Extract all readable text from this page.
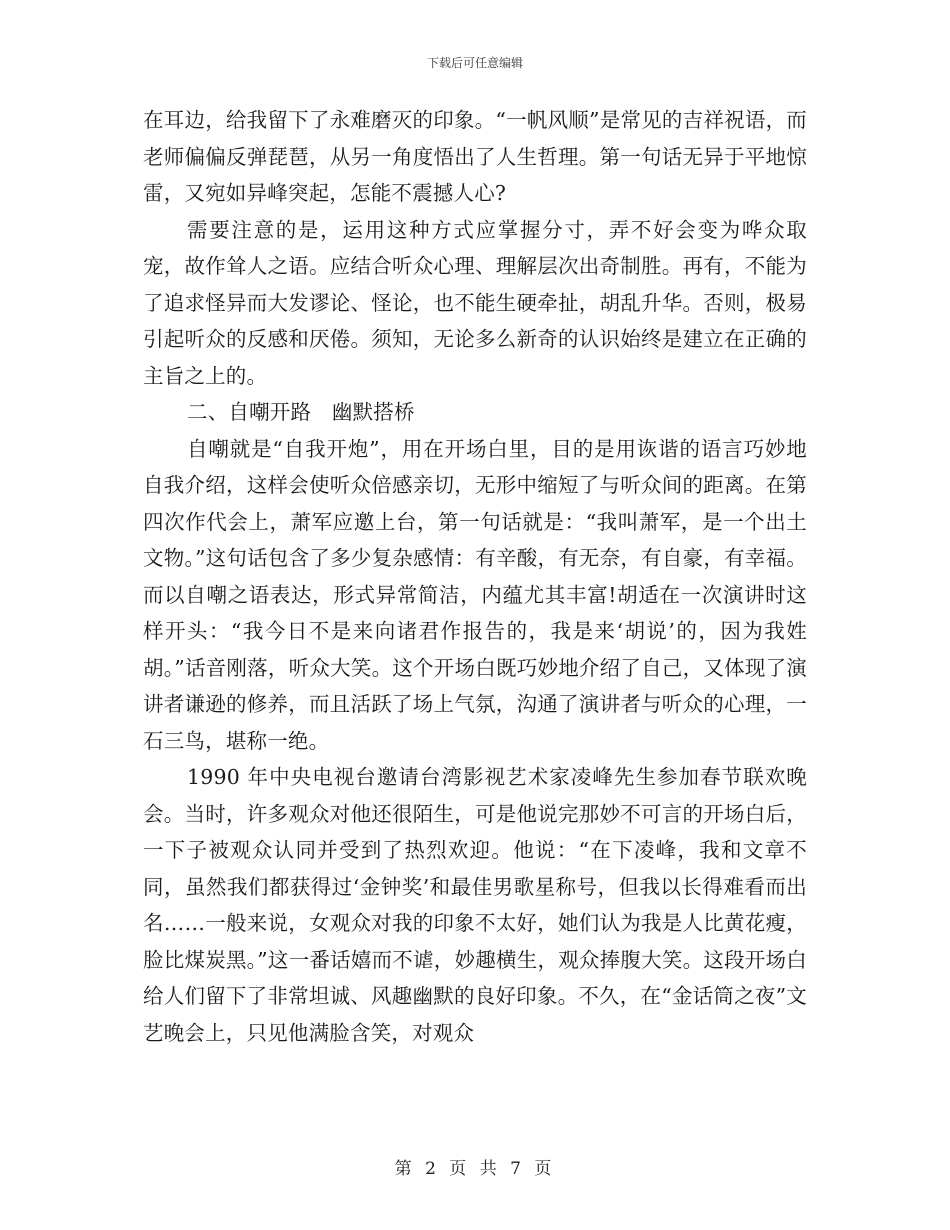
下载后可任意编辑

在耳边，给我留下了永难磨灭的印象。“一帆风顺”是常见的吉祥祝语，而老师偏偏反弹琵琶，从另一角度悟出了人生哲理。第一句话无异于平地惊雷，又宛如异峰突起，怎能不震撼人心?

需要注意的是，运用这种方式应掌握分寸，弄不好会变为哗众取宠，故作耸人之语。应结合听众心理、理解层次出奇制胜。再有，不能为了追求怪异而大发谬论、怪论，也不能生硬牵扯，胡乱升华。否则，极易引起听众的反感和厌倦。须知，无论多么新奇的认识始终是建立在正确的主旨之上的。

二、自嘲开路　幽默搭桥

自嘲就是“自我开炮”，用在开场白里，目的是用诙谐的语言巧妙地自我介绍，这样会使听众倍感亲切，无形中缩短了与听众间的距离。在第四次作代会上，萧军应邀上台，第一句话就是：“我叫萧军，是一个出土文物。”这句话包含了多少复杂感情：有辛酸，有无奈，有自豪，有幸福。而以自嘲之语表达，形式异常简洁，内蕴尤其丰富!胡适在一次演讲时这样开头：“我今日不是来向诸君作报告的，我是来‘胡说’的，因为我姓胡。”话音刚落，听众大笑。这个开场白既巧妙地介绍了自己，又体现了演讲者谦逊的修养，而且活跃了场上气氛，沟通了演讲者与听众的心理，一石三鸟，堪称一绝。

1990 年中央电视台邀请台湾影视艺术家凌峰先生参加春节联欢晚会。当时，许多观众对他还很陌生，可是他说完那妙不可言的开场白后，一下子被观众认同并受到了热烈欢迎。他说：“在下凌峰，我和文章不同，虽然我们都获得过‘金钟奖’和最佳男歌星称号，但我以长得难看而出名……一般来说，女观众对我的印象不太好，她们认为我是人比黄花瘦，脸比煤炭黑。”这一番话嬉而不谑，妙趣横生，观众捧腹大笑。这段开场白给人们留下了非常坦诚、风趣幽默的良好印象。不久，在“金话筒之夜”文艺晚会上，只见他满脸含笑，对观众

第 2 页 共 7 页
